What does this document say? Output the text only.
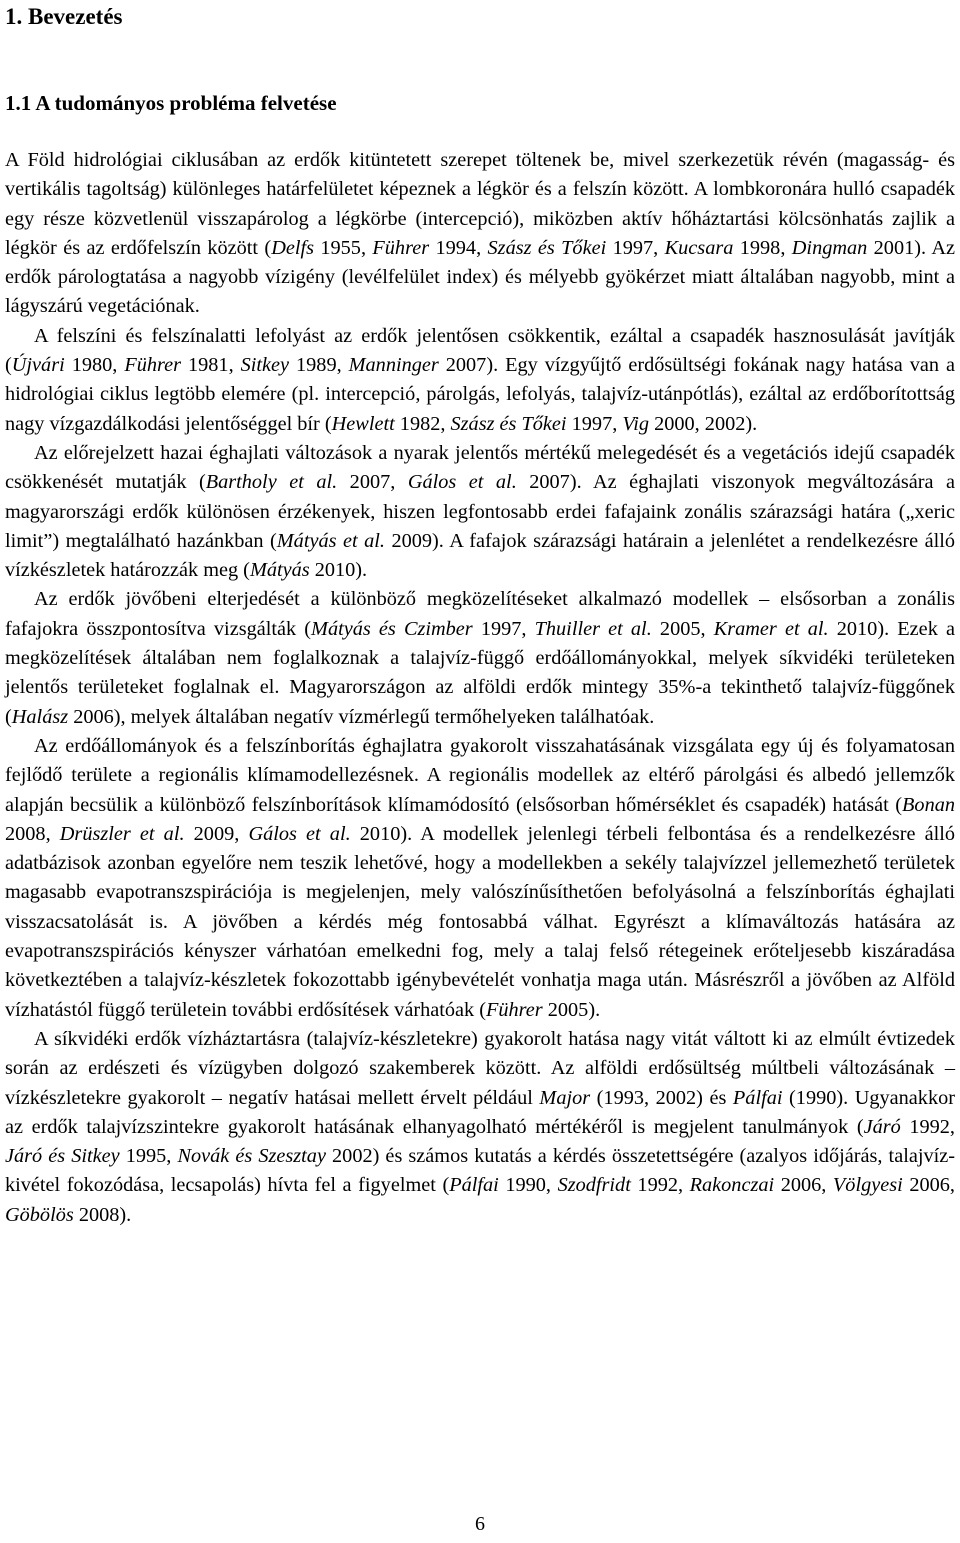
1. Bevezetés
1.1 A tudományos probléma felvetése

A Föld hidrológiai ciklusában az erdők kitüntetett szerepet töltenek be, mivel szerkezetük révén (magasság- és vertikális tagoltság) különleges határfelületet képeznek a légkör és a felszín között. A lombkoronára hulló csapadék egy része közvetlenül visszapárolog a légkörbe (intercepció), miközben aktív hőháztartási kölcsönhatás zajlik a légkör és az erdőfelszín között (Delfs 1955, Führer 1994, Szász és Tőkei 1997, Kucsara 1998, Dingman 2001). Az erdők párologtatása a nagyobb vízigény (levélfelület index) és mélyebb gyökérzet miatt általában nagyobb, mint a lágyszárú vegetációnak.

A felszíni és felszínalatti lefolyást az erdők jelentősen csökkentik, ezáltal a csapadék hasznosulását javítják (Újvári 1980, Führer 1981, Sitkey 1989, Manninger 2007). Egy vízgyűjtő erdősültségi fokának nagy hatása van a hidrológiai ciklus legtöbb elemére (pl. intercepció, párolgás, lefolyás, talajvíz-utánpótlás), ezáltal az erdőborítottság nagy vízgazdálkodási jelentőséggel bír (Hewlett 1982, Szász és Tőkei 1997, Vig 2000, 2002).

Az előrejelzett hazai éghajlati változások a nyarak jelentős mértékű melegedését és a vegetációs idejű csapadék csökkenését mutatják (Bartholy et al. 2007, Gálos et al. 2007). Az éghajlati viszonyok megváltozására a magyarországi erdők különösen érzékenyek, hiszen legfontosabb erdei fafajaink zonális szárazsági határa („xeric limit”) megtalálható hazánkban (Mátyás et al. 2009). A fafajok szárazsági határain a jelenlétet a rendelkezésre álló vízkészletek határozzák meg (Mátyás 2010).

Az erdők jövőbeni elterjedését a különböző megközelítéseket alkalmazó modellek – elsősorban a zonális fafajokra összpontosítva vizsgálták (Mátyás és Czimber 1997, Thuiller et al. 2005, Kramer et al. 2010). Ezek a megközelítések általában nem foglalkoznak a talajvíz-függő erdőállományokkal, melyek síkvidéki területeken jelentős területeket foglalnak el. Magyarországon az alföldi erdők mintegy 35%-a tekinthető talajvíz-függőnek (Halász 2006), melyek általában negatív vízmérlegű termőhelyeken találhatóak.

Az erdőállományok és a felszínborítás éghajlatra gyakorolt visszahatásának vizsgálata egy új és folyamatosan fejlődő területe a regionális klímamodellezésnek. A regionális modellek az eltérő párolgási és albedó jellemzők alapján becsülik a különböző felszínborítások klímamódosító (elsősorban hőmérséklet és csapadék) hatását (Bonan 2008, Drüszler et al. 2009, Gálos et al. 2010). A modellek jelenlegi térbeli felbontása és a rendelkezésre álló adatbázisok azonban egyelőre nem teszik lehetővé, hogy a modellekben a sekély talajvízzel jellemezhető területek magasabb evapotranszspirációja is megjelenjen, mely valószínűsíthetően befolyásolná a felszínborítás éghajlati visszacsatolását is. A jövőben a kérdés még fontosabbá válhat. Egyrészt a klímaváltozás hatására az evapotranszspirációs kényszer várhatóan emelkedni fog, mely a talaj felső rétegeinek erőteljesebb kiszáradása következtében a talajvíz-készletek fokozottabb igénybevételét vonhatja maga után. Másrészről a jövőben az Alföld vízhatástól függő területein további erdősítések várhatóak (Führer 2005).

A síkvidéki erdők vízháztartásra (talajvíz-készletekre) gyakorolt hatása nagy vitát váltott ki az elmúlt évtizedek során az erdészeti és vízügyben dolgozó szakemberek között. Az alföldi erdősültség múltbeli változásának – vízkészletekre gyakorolt – negatív hatásai mellett érvelt például Major (1993, 2002) és Pálfai (1990). Ugyanakkor az erdők talajvízszintekre gyakorolt hatásának elhanyagolható mértékéről is megjelent tanulmányok (Járó 1992, Járó és Sitkey 1995, Novák és Szesztay 2002) és számos kutatás a kérdés összetettségére (azalyos időjárás, talajvíz-kivétel fokozódása, lecsapolás) hívta fel a figyelmet (Pálfai 1990, Szodfridt 1992, Rakonczai 2006, Völgyesi 2006, Göbölös 2008).

6
